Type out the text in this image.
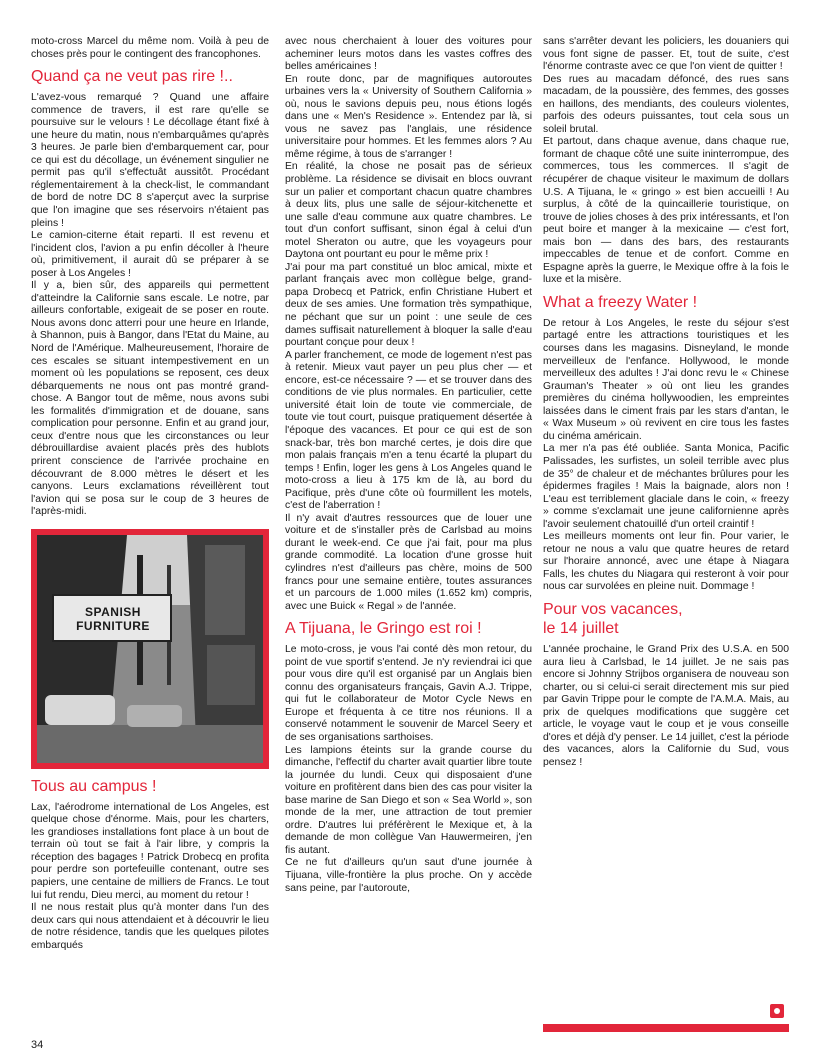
moto-cross Marcel du même nom. Voilà à peu de choses près pour le contingent des francophones.

Quand ça ne veut pas rire !..

L'avez-vous remarqué ? Quand une affaire commence de travers, il est rare qu'elle se poursuive sur le velours ! Le décollage étant fixé à une heure du matin, nous n'embarquâmes qu'après 3 heures. Je parle bien d'embarquement car, pour ce qui est du décollage, un événement singulier ne permit pas qu'il s'effectuât aussitôt. Procédant réglementairement à la check-list, le commandant de bord de notre DC 8 s'aperçut avec la surprise que l'on imagine que ses réservoirs n'étaient pas pleins !

Le camion-citerne était reparti. Il est revenu et l'incident clos, l'avion a pu enfin décoller à l'heure où, primitivement, il aurait dû se préparer à se poser à Los Angeles !

Il y a, bien sûr, des appareils qui permettent d'atteindre la Californie sans escale. Le notre, par ailleurs confortable, exigeait de se poser en route. Nous avons donc atterri pour une heure en Irlande, à Shannon, puis à Bangor, dans l'Etat du Maine, au Nord de l'Amérique. Malheureusement, l'horaire de ces escales se situant intempestivement en un moment où les populations se reposent, ces deux débarquements ne nous ont pas montré grand-chose. A Bangor tout de même, nous avons subi les formalités d'immigration et de douane, sans complication pour personne. Enfin et au grand jour, ceux d'entre nous que les circonstances ou leur débrouillardise avaient placés près des hublots prirent conscience de l'arrivée prochaine en découvrant de 8.000 mètres le désert et les canyons. Leurs exclamations réveillèrent tout l'avion qui se posa sur le coup de 3 heures de l'après-midi.

SPANISH
FURNITURE
Tous au campus !

Lax, l'aérodrome international de Los Angeles, est quelque chose d'énorme. Mais, pour les charters, les grandioses installations font place à un bout de terrain où tout se fait à l'air libre, y compris la réception des bagages ! Patrick Drobecq en profita pour perdre son portefeuille contenant, outre ses papiers, une centaine de milliers de Francs. Le tout lui fut rendu, Dieu merci, au moment du retour !

Il ne nous restait plus qu'à monter dans l'un des deux cars qui nous attendaient et à découvrir le lieu de notre résidence, tandis que les quelques pilotes embarqués

avec nous cherchaient à louer des voitures pour acheminer leurs motos dans les vastes coffres des belles américaines !

En route donc, par de magnifiques autoroutes urbaines vers la « University of Southern California » où, nous le savions depuis peu, nous étions logés dans une « Men's Residence ». Entendez par là, si vous ne savez pas l'anglais, une résidence universitaire pour hommes. Et les femmes alors ? Au même régime, à tous de s'arranger !

En réalité, la chose ne posait pas de sérieux problème. La résidence se divisait en blocs ouvrant sur un palier et comportant chacun quatre chambres à deux lits, plus une salle de séjour-kitchenette et une salle d'eau commune aux quatre chambres. Le tout d'un confort suffisant, sinon égal à celui d'un motel Sheraton ou autre, que les voyageurs pour Daytona ont pourtant eu pour le même prix !

J'ai pour ma part constitué un bloc amical, mixte et parlant français avec mon collègue belge, grand-papa Drobecq et Patrick, enfin Christiane Hubert et deux de ses amies. Une formation très sympathique, ne péchant que sur un point : une seule de ces dames suffisait naturellement à bloquer la salle d'eau pourtant conçue pour deux !

A parler franchement, ce mode de logement n'est pas à retenir. Mieux vaut payer un peu plus cher — et encore, est-ce nécessaire ? — et se trouver dans des conditions de vie plus normales. En particulier, cette université était loin de toute vie commerciale, de toute vie tout court, puisque pratiquement désertée à l'époque des vacances. Et pour ce qui est de son snack-bar, très bon marché certes, je dois dire que mon palais français m'en a tenu écarté la plupart du temps ! Enfin, loger les gens à Los Angeles quand le moto-cross a lieu à 175 km de là, au bord du Pacifique, près d'une côte où fourmillent les motels, c'est de l'aberration !

Il n'y avait d'autres ressources que de louer une voiture et de s'installer près de Carlsbad au moins durant le week-end. Ce que j'ai fait, pour ma plus grande commodité. La location d'une grosse huit cylindres n'est d'ailleurs pas chère, moins de 500 francs pour une semaine entière, toutes assurances et un parcours de 1.000 miles (1.652 km) compris, avec une Buick « Regal » de l'année.

A Tijuana, le Gringo est roi !

Le moto-cross, je vous l'ai conté dès mon retour, du point de vue sportif s'entend. Je n'y reviendrai ici que pour vous dire qu'il est organisé par un Anglais bien connu des organisateurs français, Gavin A.J. Trippe, qui fut le collaborateur de Motor Cycle News en Europe et fréquenta à ce titre nos réunions. Il a conservé notamment le souvenir de Marcel Seery et de ses organisations sarthoises.

Les lampions éteints sur la grande course du dimanche, l'effectif du charter avait quartier libre toute la journée du lundi. Ceux qui disposaient d'une voiture en profitèrent dans bien des cas pour visiter la base marine de San Diego et son « Sea World », son monde de la mer, une attraction de tout premier ordre. D'autres lui préférèrent le Mexique et, à la demande de mon collègue Van Hauwermeiren, j'en fis autant.

Ce ne fut d'ailleurs qu'un saut d'une journée à Tijuana, ville-frontière la plus proche. On y accède sans peine, par l'autoroute,

sans s'arrêter devant les policiers, les douaniers qui vous font signe de passer. Et, tout de suite, c'est l'énorme contraste avec ce que l'on vient de quitter !

Des rues au macadam défoncé, des rues sans macadam, de la poussière, des femmes, des gosses en haillons, des mendiants, des couleurs violentes, parfois des odeurs puissantes, tout cela sous un soleil brutal.

Et partout, dans chaque avenue, dans chaque rue, formant de chaque côté une suite ininterrompue, des commerces, tous les commerces. Il s'agit de récupérer de chaque visiteur le maximum de dollars U.S. A Tijuana, le « gringo » est bien accueilli ! Au surplus, à côté de la quincaillerie touristique, on trouve de jolies choses à des prix intéressants, et l'on peut boire et manger à la mexicaine — c'est fort, mais bon — dans des bars, des restaurants impeccables de tenue et de confort. Comme en Espagne après la guerre, le Mexique offre à la fois le luxe et la misère.

What a freezy Water !

De retour à Los Angeles, le reste du séjour s'est partagé entre les attractions touristiques et les courses dans les magasins. Disneyland, le monde merveilleux de l'enfance. Hollywood, le monde merveilleux des adultes ! J'ai donc revu le « Chinese Grauman's Theater » où ont lieu les grandes premières du cinéma hollywoodien, les empreintes laissées dans le ciment frais par les stars d'antan, le « Wax Museum » où revivent en cire tous les fastes du cinéma américain.

La mer n'a pas été oubliée. Santa Monica, Pacific Palissades, les surfistes, un soleil terrible avec plus de 35° de chaleur et de méchantes brûlures pour les épidermes fragiles ! Mais la baignade, alors non ! L'eau est terriblement glaciale dans le coin, « freezy » comme s'exclamait une jeune californienne après l'avoir seulement chatouillé d'un orteil craintif !

Les meilleurs moments ont leur fin. Pour varier, le retour ne nous a valu que quatre heures de retard sur l'horaire annoncé, avec une étape à Niagara Falls, les chutes du Niagara qui resteront à voir pour nous car survolées en pleine nuit. Dommage !

Pour vos vacances,
le 14 juillet

L'année prochaine, le Grand Prix des U.S.A. en 500 aura lieu à Carlsbad, le 14 juillet. Je ne sais pas encore si Johnny Strijbos organisera de nouveau son charter, ou si celui-ci serait directement mis sur pied par Gavin Trippe pour le compte de l'A.M.A. Mais, au prix de quelques modifications que suggère cet article, le voyage vaut le coup et je vous conseille d'ores et déjà d'y penser. Le 14 juillet, c'est la période des vacances, alors la Californie du Sud, vous pensez !

34
